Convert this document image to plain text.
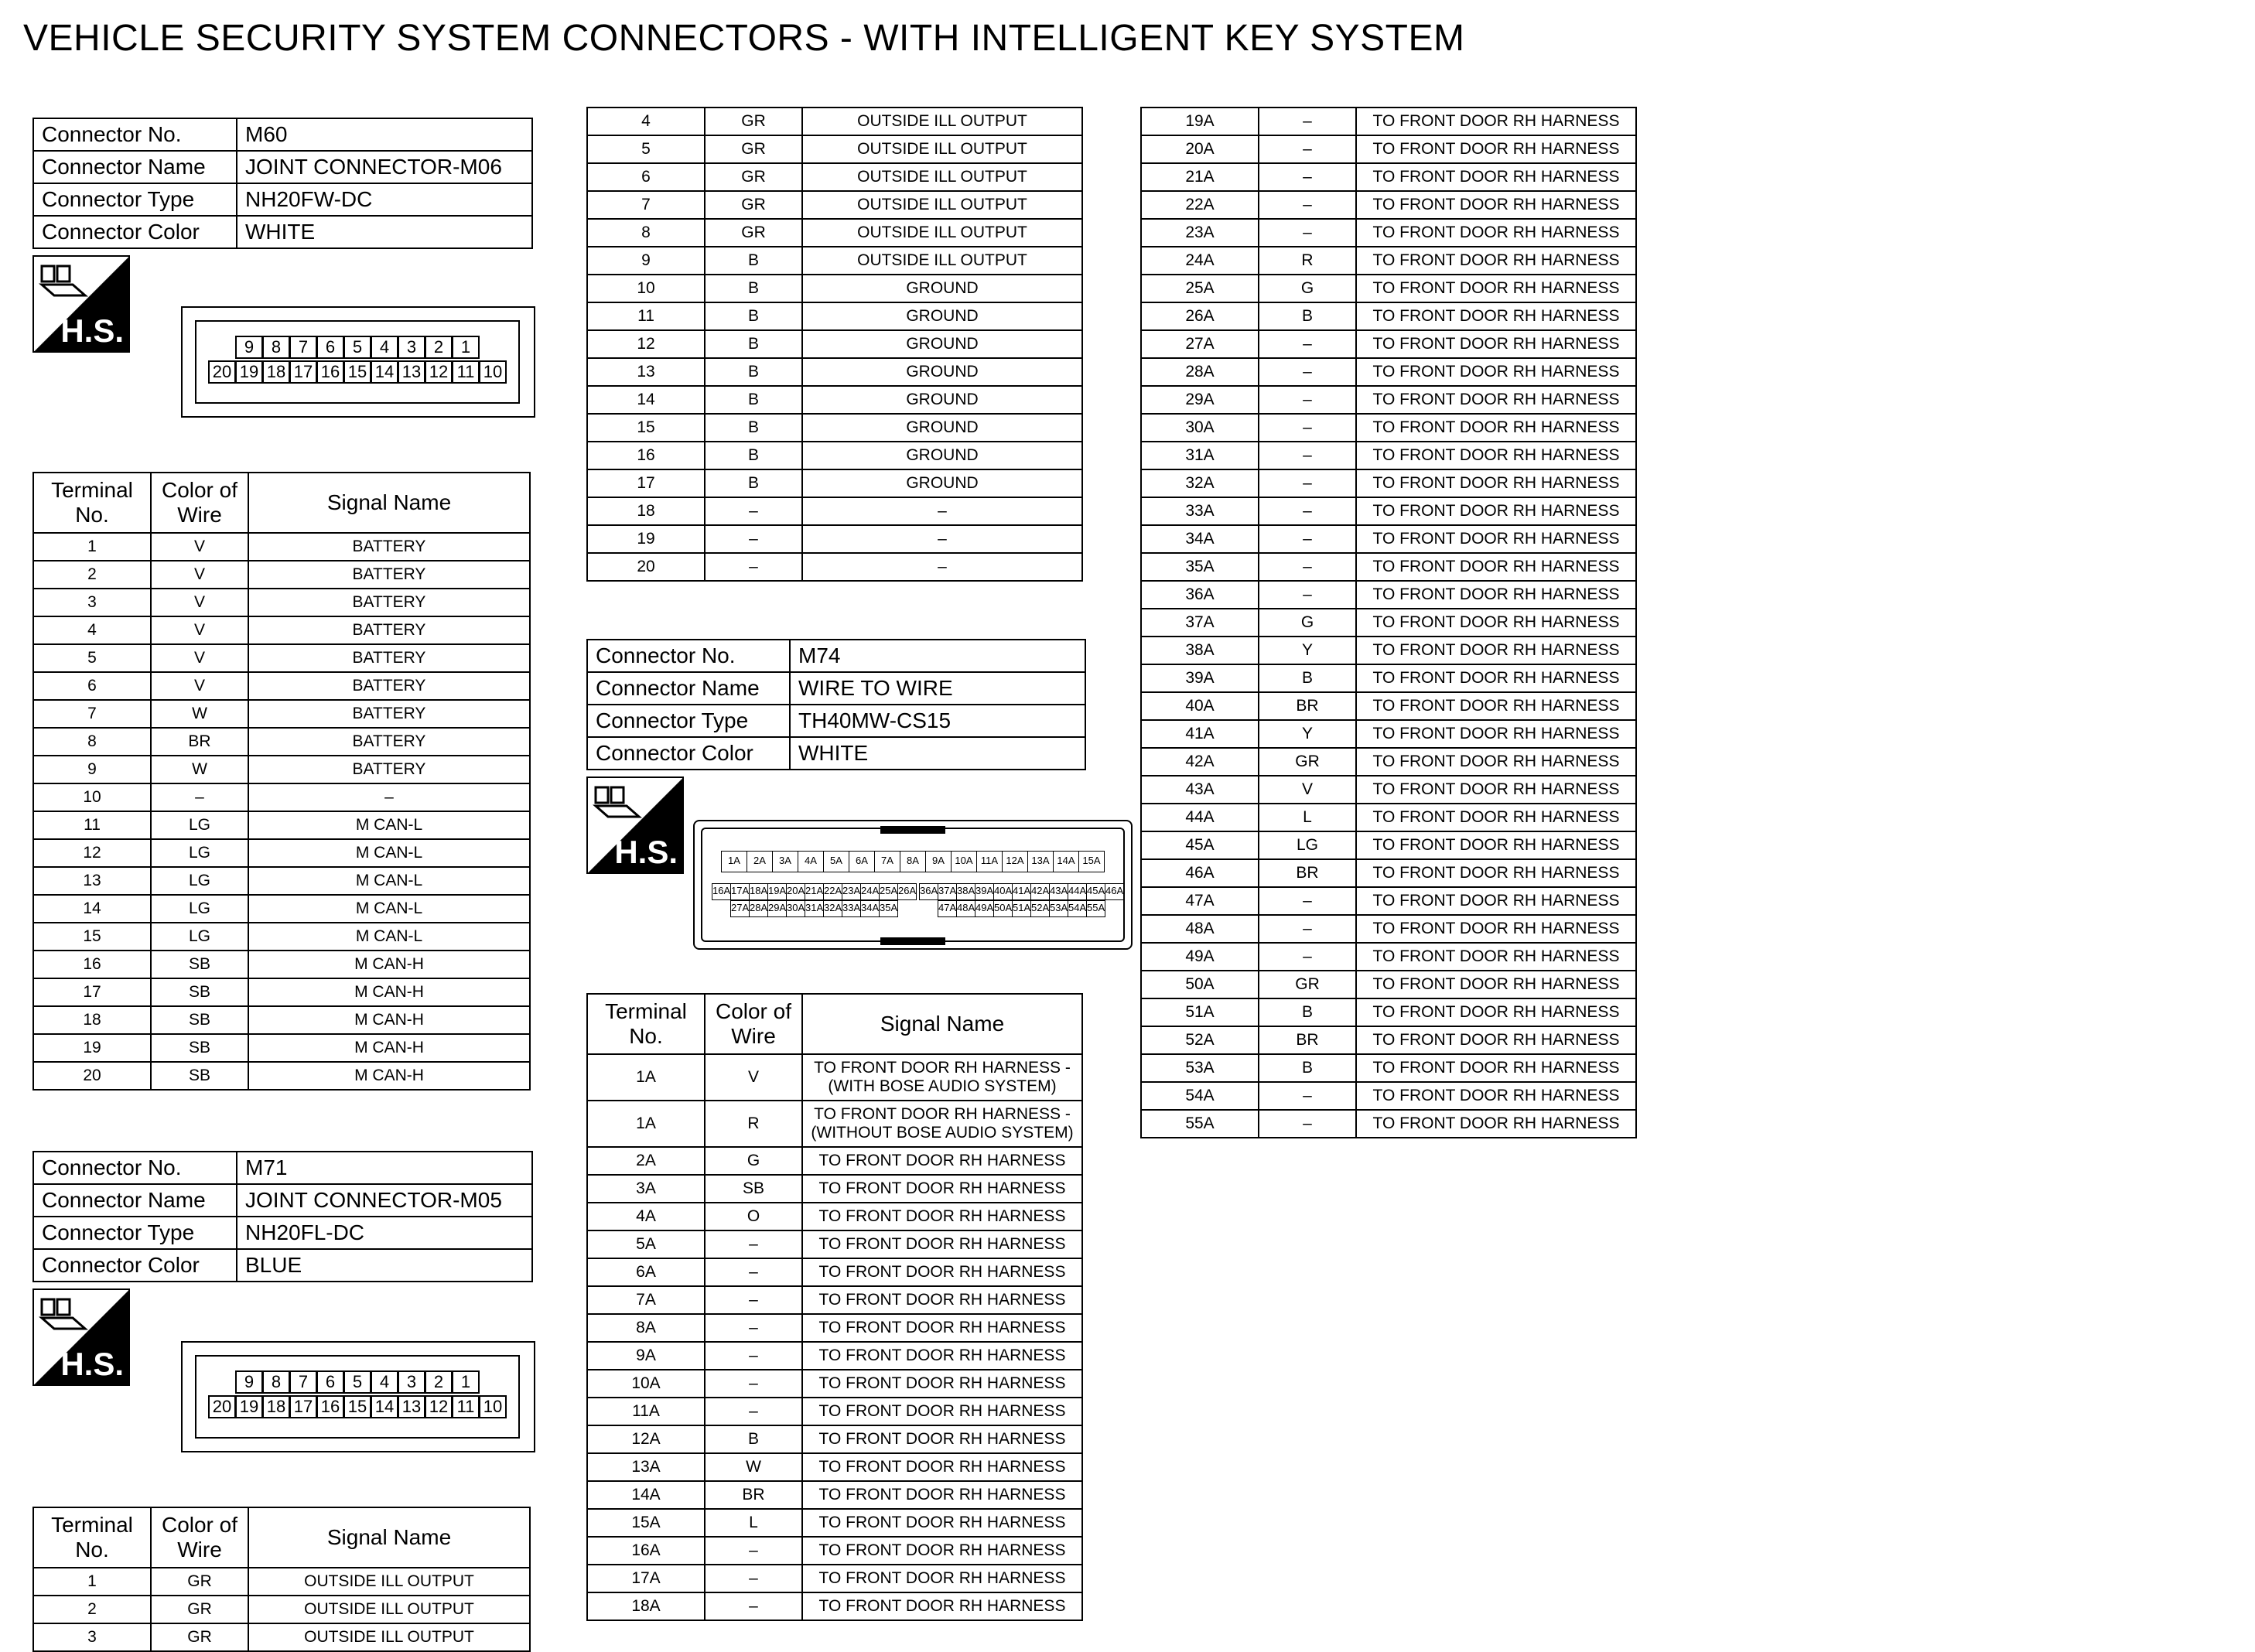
VEHICLE SECURITY SYSTEM CONNECTORS - WITH INTELLIGENT KEY SYSTEM
Connector No.	M60
Connector Name	JOINT CONNECTOR-M06
Connector Type	NH20FW-DC
Connector Color	WHITE
H.S.	9	8	7	6	5	4	3	2	1
20 19 18 17 16 15 14 13 12 11 10
Terminal No.	Color of Wire	Signal Name
1	V	BATTERY
2	V	BATTERY
3	V	BATTERY
4	V	BATTERY
5	V	BATTERY
6	V	BATTERY
7	W	BATTERY
8	BR	BATTERY
9	W	BATTERY
10	–	–
11	LG	M CAN-L
12	LG	M CAN-L
13	LG	M CAN-L
14	LG	M CAN-L
15	LG	M CAN-L
16	SB	M CAN-H
17	SB	M CAN-H
18	SB	M CAN-H
19	SB	M CAN-H
20	SB	M CAN-H
Connector No.	M71
Connector Name	JOINT CONNECTOR-M05
Connector Type	NH20FL-DC
Connector Color	BLUE
H.S.	9	8	7	6	5	4	3	2	1
20 19 18 17 16 15 14 13 12 11 10
Terminal No.	Color of Wire	Signal Name
1	GR	OUTSIDE ILL OUTPUT
2	GR	OUTSIDE ILL OUTPUT
3	GR	OUTSIDE ILL OUTPUT
4	GR	OUTSIDE ILL OUTPUT
5	GR	OUTSIDE ILL OUTPUT
6	GR	OUTSIDE ILL OUTPUT
7	GR	OUTSIDE ILL OUTPUT
8	GR	OUTSIDE ILL OUTPUT
9	B	OUTSIDE ILL OUTPUT
10	B	GROUND
11	B	GROUND
12	B	GROUND
13	B	GROUND
14	B	GROUND
15	B	GROUND
16	B	GROUND
17	B	GROUND
18	–	–
19	–	–
20	–	–
Connector No.	M74
Connector Name	WIRE TO WIRE
Connector Type	TH40MW-CS15
Connector Color	WHITE
H.S.	1A	2A	3A	4A	5A	6A	7A	8A	9A	10A 11A 12A 13A 14A 15A
16A 17A 18A 19A 20A 21A 22A 23A 24A 25A 26A 36A 37A 38A 39A 40A 41A 42A 43A 44A 45A 46A
27A 28A 29A 30A 31A 32A 33A 34A 35A	47A 48A 49A 50A 51A 52A 53A 54A 55A
Terminal No.	Color of Wire	Signal Name
1A	V	TO FRONT DOOR RH HARNESS - (WITH BOSE AUDIO SYSTEM)
1A	R	TO FRONT DOOR RH HARNESS - (WITHOUT BOSE AUDIO SYSTEM)
2A	G	TO FRONT DOOR RH HARNESS
3A	SB	TO FRONT DOOR RH HARNESS
4A	O	TO FRONT DOOR RH HARNESS
5A	–	TO FRONT DOOR RH HARNESS
6A	–	TO FRONT DOOR RH HARNESS
7A	–	TO FRONT DOOR RH HARNESS
8A	–	TO FRONT DOOR RH HARNESS
9A	–	TO FRONT DOOR RH HARNESS
10A	–	TO FRONT DOOR RH HARNESS
11A	–	TO FRONT DOOR RH HARNESS
12A	B	TO FRONT DOOR RH HARNESS
13A	W	TO FRONT DOOR RH HARNESS
14A	BR	TO FRONT DOOR RH HARNESS
15A	L	TO FRONT DOOR RH HARNESS
16A	–	TO FRONT DOOR RH HARNESS
17A	–	TO FRONT DOOR RH HARNESS
18A	–	TO FRONT DOOR RH HARNESS
19A	–	TO FRONT DOOR RH HARNESS
20A	–	TO FRONT DOOR RH HARNESS
21A	–	TO FRONT DOOR RH HARNESS
22A	–	TO FRONT DOOR RH HARNESS
23A	–	TO FRONT DOOR RH HARNESS
24A	R	TO FRONT DOOR RH HARNESS
25A	G	TO FRONT DOOR RH HARNESS
26A	B	TO FRONT DOOR RH HARNESS
27A	–	TO FRONT DOOR RH HARNESS
28A	–	TO FRONT DOOR RH HARNESS
29A	–	TO FRONT DOOR RH HARNESS
30A	–	TO FRONT DOOR RH HARNESS
31A	–	TO FRONT DOOR RH HARNESS
32A	–	TO FRONT DOOR RH HARNESS
33A	–	TO FRONT DOOR RH HARNESS
34A	–	TO FRONT DOOR RH HARNESS
35A	–	TO FRONT DOOR RH HARNESS
36A	–	TO FRONT DOOR RH HARNESS
37A	G	TO FRONT DOOR RH HARNESS
38A	Y	TO FRONT DOOR RH HARNESS
39A	B	TO FRONT DOOR RH HARNESS
40A	BR	TO FRONT DOOR RH HARNESS
41A	Y	TO FRONT DOOR RH HARNESS
42A	GR	TO FRONT DOOR RH HARNESS
43A	V	TO FRONT DOOR RH HARNESS
44A	L	TO FRONT DOOR RH HARNESS
45A	LG	TO FRONT DOOR RH HARNESS
46A	BR	TO FRONT DOOR RH HARNESS
47A	–	TO FRONT DOOR RH HARNESS
48A	–	TO FRONT DOOR RH HARNESS
49A	–	TO FRONT DOOR RH HARNESS
50A	GR	TO FRONT DOOR RH HARNESS
51A	B	TO FRONT DOOR RH HARNESS
52A	BR	TO FRONT DOOR RH HARNESS
53A	B	TO FRONT DOOR RH HARNESS
54A	–	TO FRONT DOOR RH HARNESS
55A	–	TO FRONT DOOR RH HARNESS
